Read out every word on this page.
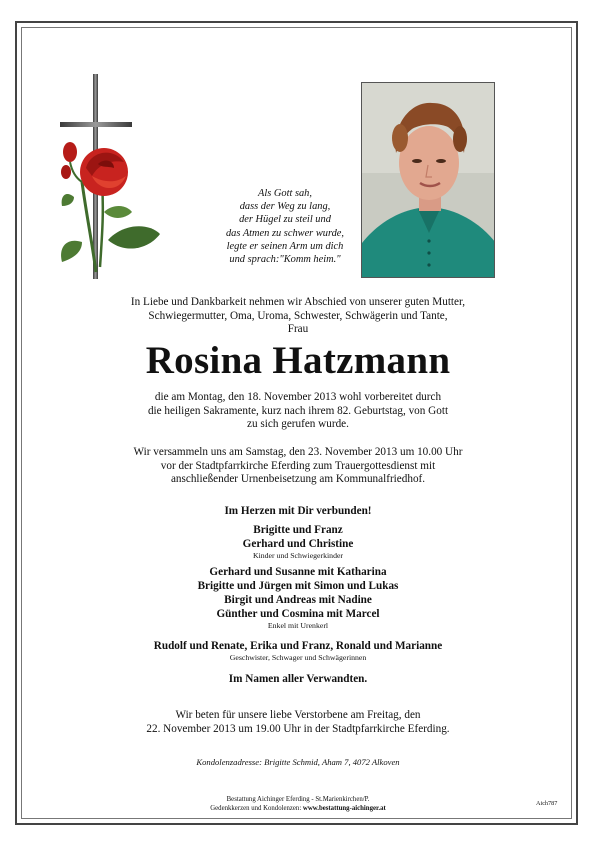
Als Gott sah,
dass der Weg zu lang,
der Hügel zu steil und
das Atmen zu schwer wurde,
legte er seinen Arm um dich
und sprach:"Komm heim."
In Liebe und Dankbarkeit nehmen wir Abschied von unserer guten Mutter,
Schwiegermutter, Oma, Uroma, Schwester, Schwägerin und Tante,
Frau
Rosina Hatzmann
die am Montag, den 18. November 2013 wohl vorbereitet durch
die heiligen Sakramente, kurz nach ihrem 82. Geburtstag, von Gott
zu sich gerufen wurde.
Wir versammeln uns am Samstag, den 23. November 2013 um 10.00 Uhr
vor der Stadtpfarrkirche Eferding zum Trauergottesdienst mit
anschließender Urnenbeisetzung am Kommunalfriedhof.
Im Herzen mit Dir verbunden!
Brigitte und Franz
Gerhard und Christine
Kinder und Schwiegerkinder
Gerhard und Susanne mit Katharina
Brigitte und Jürgen mit Simon und Lukas
Birgit und Andreas mit Nadine
Günther und Cosmina mit Marcel
Enkel mit Urenkerl
Rudolf und Renate, Erika und Franz, Ronald und Marianne
Geschwister, Schwager und Schwägerinnen
Im Namen aller Verwandten.
Wir beten für unsere liebe Verstorbene am Freitag, den
22. November 2013 um 19.00 Uhr in der Stadtpfarrkirche Eferding.
Kondolenzadresse: Brigitte Schmid, Aham 7, 4072 Alkoven
Bestattung Aichinger Eferding - St.Marienkirchen/P.
Gedenkkerzen und Kondolenzen: www.bestattung-aichinger.at
Aich787
